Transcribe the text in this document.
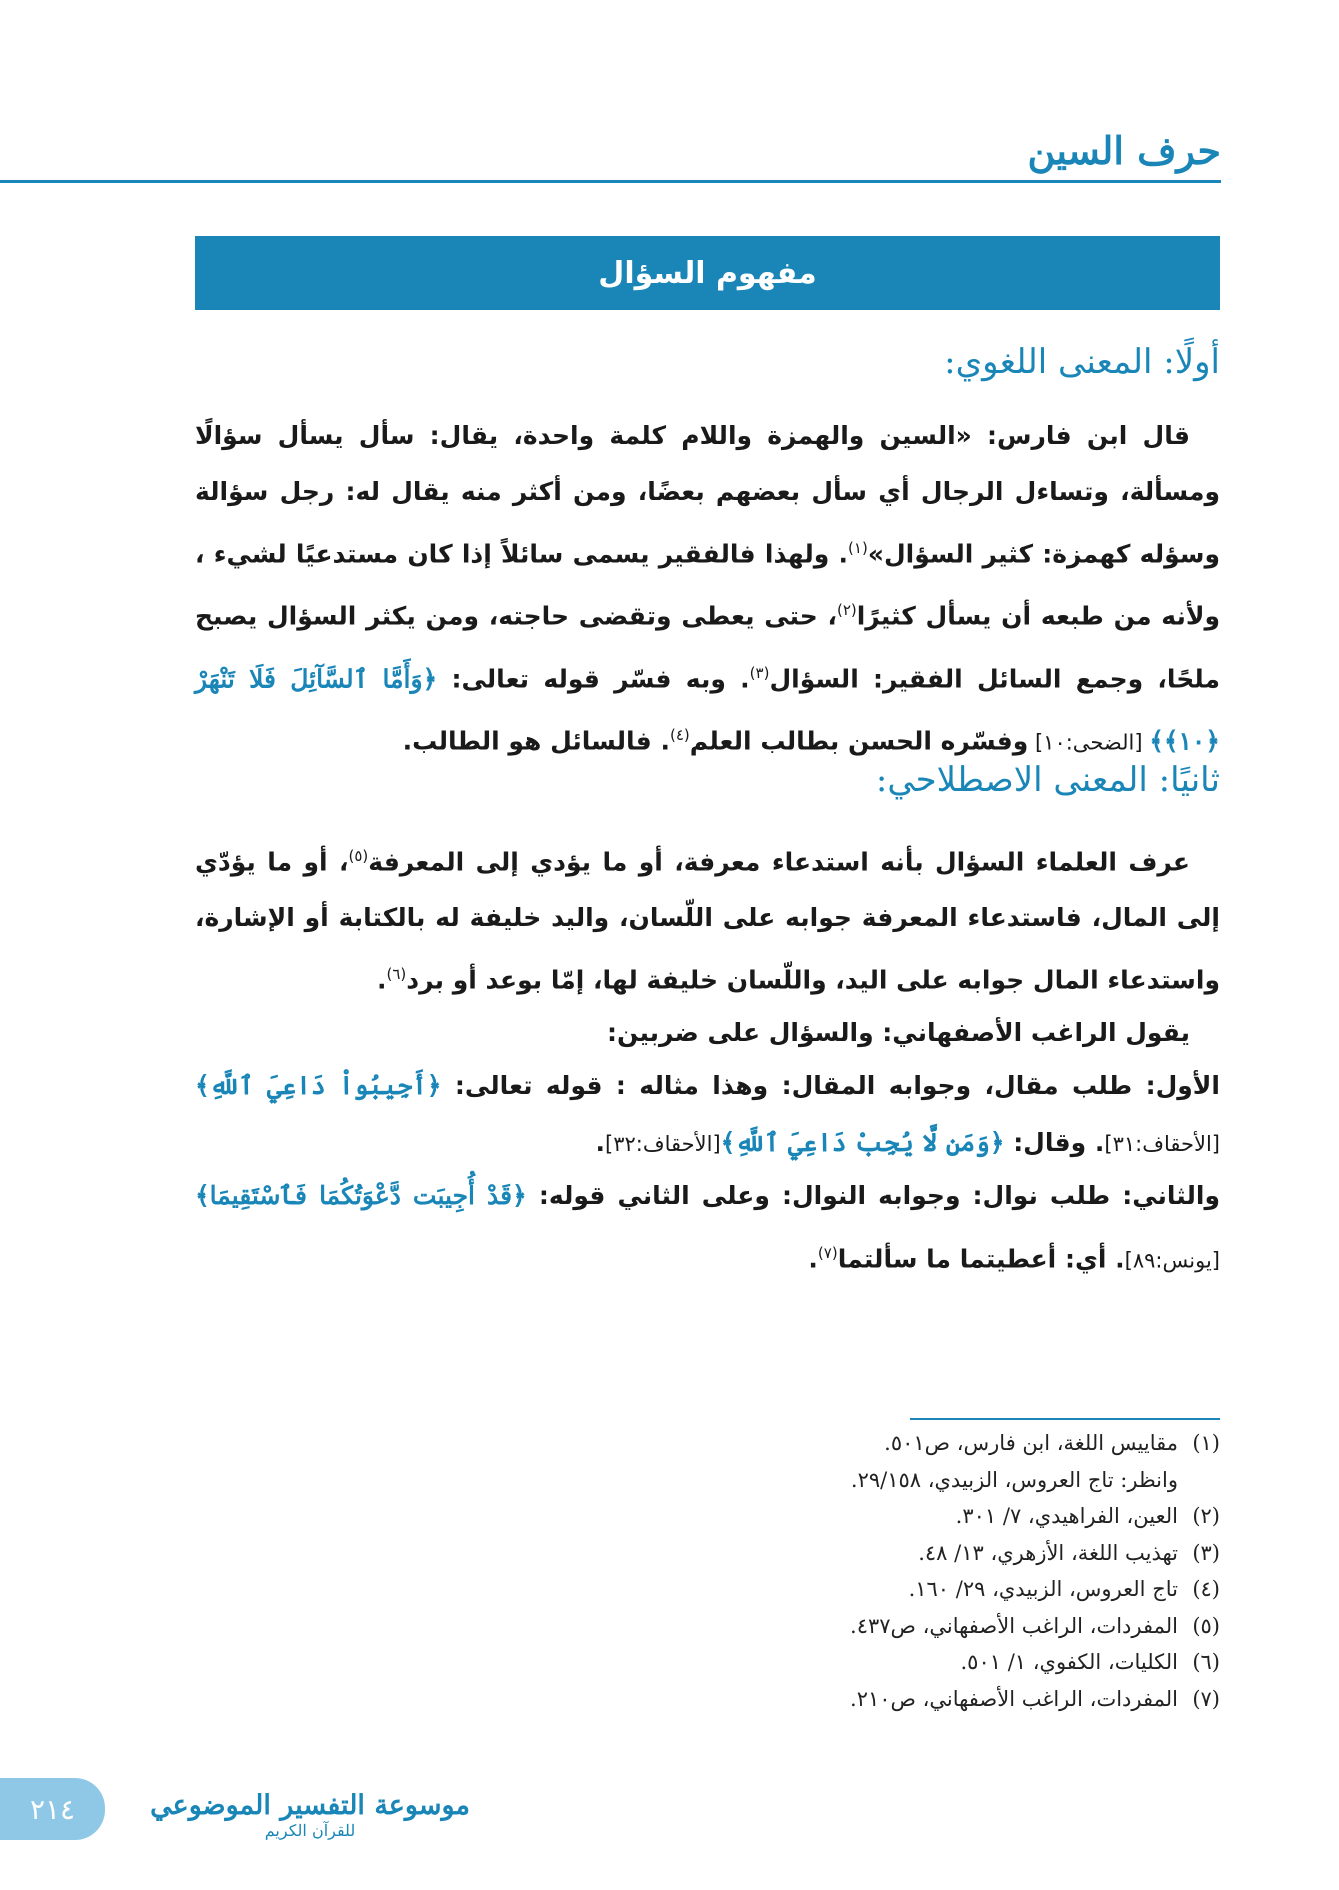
حرف السين
مفهوم السؤال
أولًا: المعنى اللغوي:
قال ابن فارس: «السين والهمزة واللام كلمة واحدة، يقال: سأل يسأل سؤالًا ومسألة، وتساءل الرجال أي سأل بعضهم بعضًا، ومن أكثر منه يقال له: رجل سؤالة وسؤله كهمزة: كثير السؤال»$^{(١)}$. ولهذا فالفقير يسمى سائلاً إذا كان مستدعيًا لشيء ، ولأنه من طبعه أن يسأل كثيرًا$^{(٢)}$، حتى يعطى وتقضى حاجته، ومن يكثر السؤال يصبح ملحًا، وجمع السائل الفقير: السؤال$^{(٣)}$. وبه فسّر قوله تعالى: ﴿وَأَمَّا ٱلسَّآئِلَ فَلَا تَنْهَرْ ﴿١٠﴾﴾ [الضحى:١٠] وفسّره الحسن بطالب العلم$^{(٤)}$. فالسائل هو الطالب.
ثانيًا: المعنى الاصطلاحي:
عرف العلماء السؤال بأنه استدعاء معرفة، أو ما يؤدي إلى المعرفة$^{(٥)}$، أو ما يؤدّي إلى المال، فاستدعاء المعرفة جوابه على اللّسان، واليد خليفة له بالكتابة أو الإشارة، واستدعاء المال جوابه على اليد، واللّسان خليفة لها، إمّا بوعد أو برد$^{(٦)}$.
يقول الراغب الأصفهاني: والسؤال على ضربين:
الأول: طلب مقال، وجوابه المقال: وهذا مثاله : قوله تعالى: ﴿أَجِيبُواْ دَاعِيَ ٱللَّهِ﴾ [الأحقاف:٣١]. وقال: ﴿وَمَن لَّا يُجِبْ دَاعِيَ ٱللَّهِ﴾[الأحقاف:٣٢].
والثاني: طلب نوال: وجوابه النوال: وعلى الثاني قوله: ﴿قَدْ أُجِيبَت دَّعْوَتُكُمَا فَٱسْتَقِيمَا﴾ [يونس:٨٩]. أي: أعطيتما ما سألتما$^{(٧)}$.
(١)
مقاييس اللغة، ابن فارس، ص٥٠١.
وانظر: تاج العروس، الزبيدي، ٢٩/١٥٨.
(٢)
العين، الفراهيدي، ٧/ ٣٠١.
(٣)
تهذيب اللغة، الأزهري، ١٣/ ٤٨.
(٤)
تاج العروس، الزبيدي، ٢٩/ ١٦٠.
(٥)
المفردات، الراغب الأصفهاني، ص٤٣٧.
(٦)
الكليات، الكفوي، ١/ ٥٠١.
(٧)
المفردات، الراغب الأصفهاني، ص٢١٠.
موسوعة التفسير الموضوعي
للقرآن الكريم
٢١٤
